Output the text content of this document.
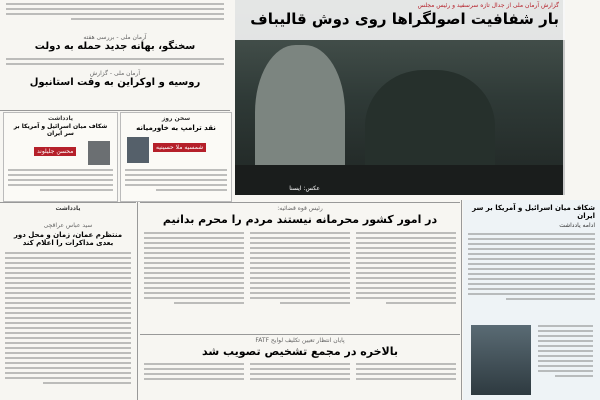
گزارش آرمان ملی از جدال تازه سرسفید و رئیس مجلس
بار شفافیت اصولگراها روی دوش قالیباف
عکس: ایسنا
شکاف میان اسرائیل و آمریکا بر سر ایران
ادامه یادداشت
آرمان ملی - بررسی هفته
سخنگو، بهانه جدید حمله به دولت
آرمان ملی - گزارش
روسیه و اوکراین به وقت استانبول
سخن روز
نقد ترامپ به خاورمیانه
شمسیه ملا حسینیه
یادداشت
شکاف میان اسرائیل و آمریکا بر سر ایران
محسن جلیلوند
رئیس قوه قضائیه:
در امور کشور محرمانه نیستند مردم را محرم بدانیم
پایان انتظار تعیین تکلیف لوایح FATF
بالاخره در مجمع تشخیص تصویب شد
یادداشت
سید عباس عراقچی
منتظرم عمان، زمان و محل دور بعدی مذاکرات را اعلام کند
